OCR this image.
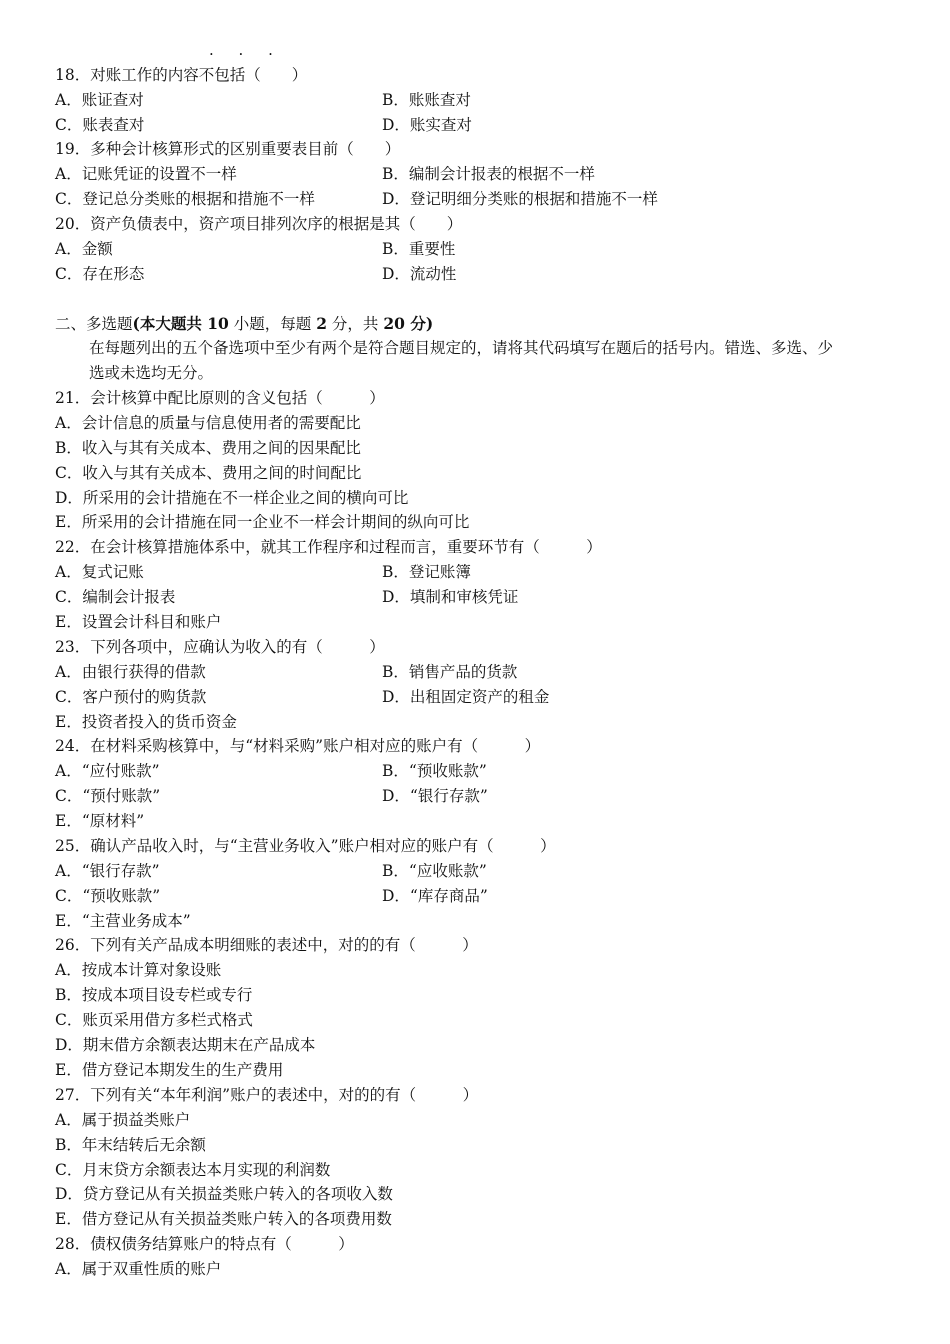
· · ·
18．对账工作的内容不包括（　　）
A．账证查对	B．账账查对
C．账表查对	D．账实查对
19．多种会计核算形式的区别重要表目前（　　）
A．记账凭证的设置不一样	B．编制会计报表的根据不一样
C．登记总分类账的根据和措施不一样	D．登记明细分类账的根据和措施不一样
20．资产负债表中，资产项目排列次序的根据是其（　　）
A．金额	B．重要性
C．存在形态	D．流动性
二、多选题(本大题共 10 小题，每题 2 分，共 20 分)
在每题列出的五个备选项中至少有两个是符合题目规定的，请将其代码填写在题后的括号内。错选、多选、少
选或未选均无分。
21．会计核算中配比原则的含义包括（　　　）
A．会计信息的质量与信息使用者的需要配比
B．收入与其有关成本、费用之间的因果配比
C．收入与其有关成本、费用之间的时间配比
D．所采用的会计措施在不一样企业之间的横向可比
E．所采用的会计措施在同一企业不一样会计期间的纵向可比
22．在会计核算措施体系中，就其工作程序和过程而言，重要环节有（　　　）
A．复式记账	B．登记账簿
C．编制会计报表	D．填制和审核凭证
E．设置会计科目和账户
23．下列各项中，应确认为收入的有（　　　）
A．由银行获得的借款	B．销售产品的货款
C．客户预付的购货款	D．出租固定资产的租金
E．投资者投入的货币资金
24．在材料采购核算中，与“材料采购”账户相对应的账户有（　　　）
A．“应付账款”	B．“预收账款”
C．“预付账款”	D．“银行存款”
E．“原材料”
25．确认产品收入时，与“主营业务收入”账户相对应的账户有（　　　）
A．“银行存款”	B．“应收账款”
C．“预收账款”	D．“库存商品”
E．“主营业务成本”
26．下列有关产品成本明细账的表述中，对的的有（　　　）
A．按成本计算对象设账
B．按成本项目设专栏或专行
C．账页采用借方多栏式格式
D．期末借方余额表达期末在产品成本
E．借方登记本期发生的生产费用
27．下列有关“本年利润”账户的表述中，对的的有（　　　）
A．属于损益类账户
B．年末结转后无余额
C．月末贷方余额表达本月实现的利润数
D．贷方登记从有关损益类账户转入的各项收入数
E．借方登记从有关损益类账户转入的各项费用数
28．债权债务结算账户的特点有（　　　）
A．属于双重性质的账户
